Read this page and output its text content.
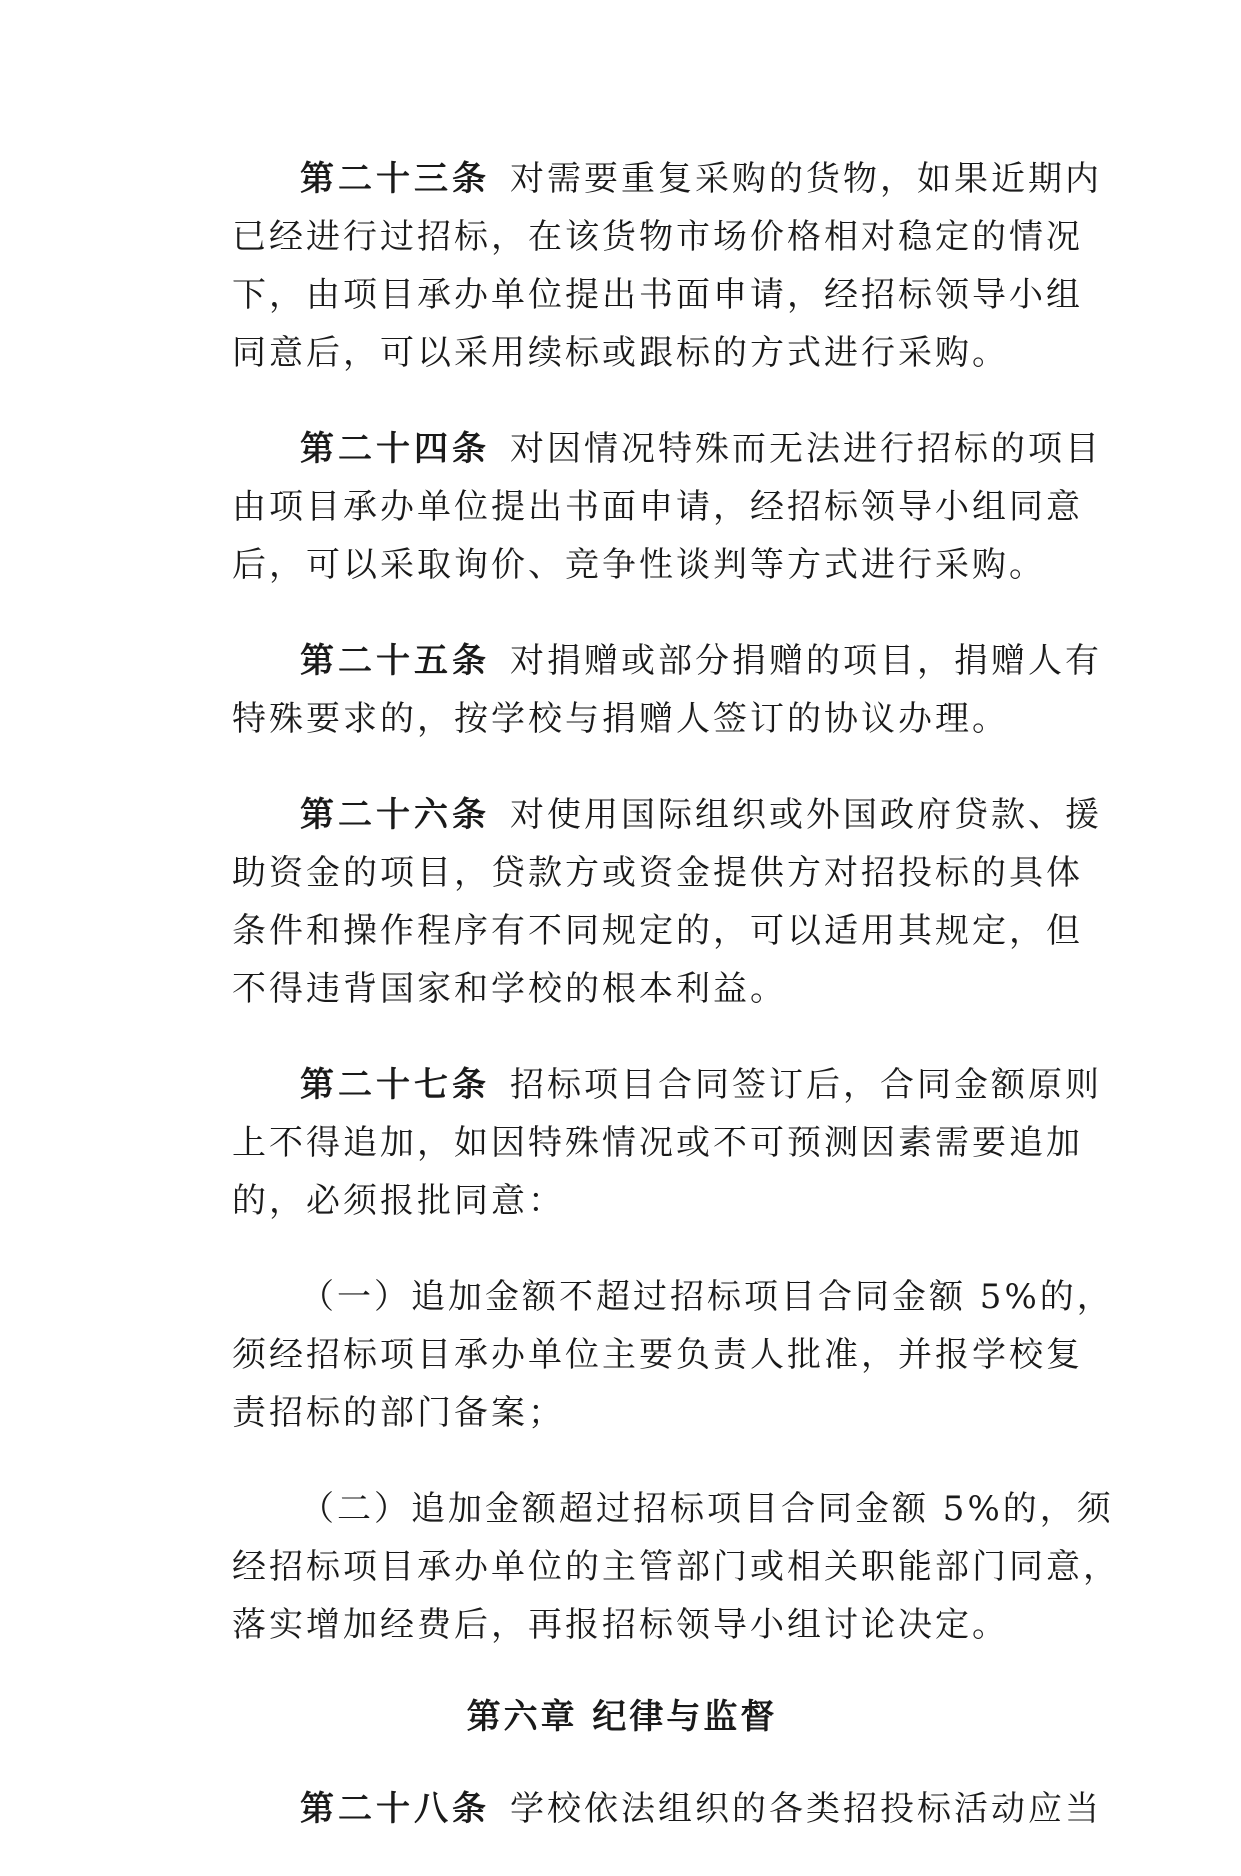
第二十三条 对需要重复采购的货物，如果近期内
已经进行过招标，在该货物市场价格相对稳定的情况
下，由项目承办单位提出书面申请，经招标领导小组
同意后，可以采用续标或跟标的方式进行采购。

第二十四条 对因情况特殊而无法进行招标的项目
由项目承办单位提出书面申请，经招标领导小组同意
后，可以采取询价、竞争性谈判等方式进行采购。

第二十五条 对捐赠或部分捐赠的项目，捐赠人有
特殊要求的，按学校与捐赠人签订的协议办理。

第二十六条 对使用国际组织或外国政府贷款、援
助资金的项目，贷款方或资金提供方对招投标的具体
条件和操作程序有不同规定的，可以适用其规定，但
不得违背国家和学校的根本利益。

第二十七条 招标项目合同签订后，合同金额原则
上不得追加，如因特殊情况或不可预测因素需要追加
的，必须报批同意：

（一）追加金额不超过招标项目合同金额 5%的，
须经招标项目承办单位主要负责人批准，并报学校复
责招标的部门备案；

（二）追加金额超过招标项目合同金额 5%的，须
经招标项目承办单位的主管部门或相关职能部门同意，
落实增加经费后，再报招标领导小组讨论决定。

第六章 纪律与监督

第二十八条 学校依法组织的各类招投标活动应当
